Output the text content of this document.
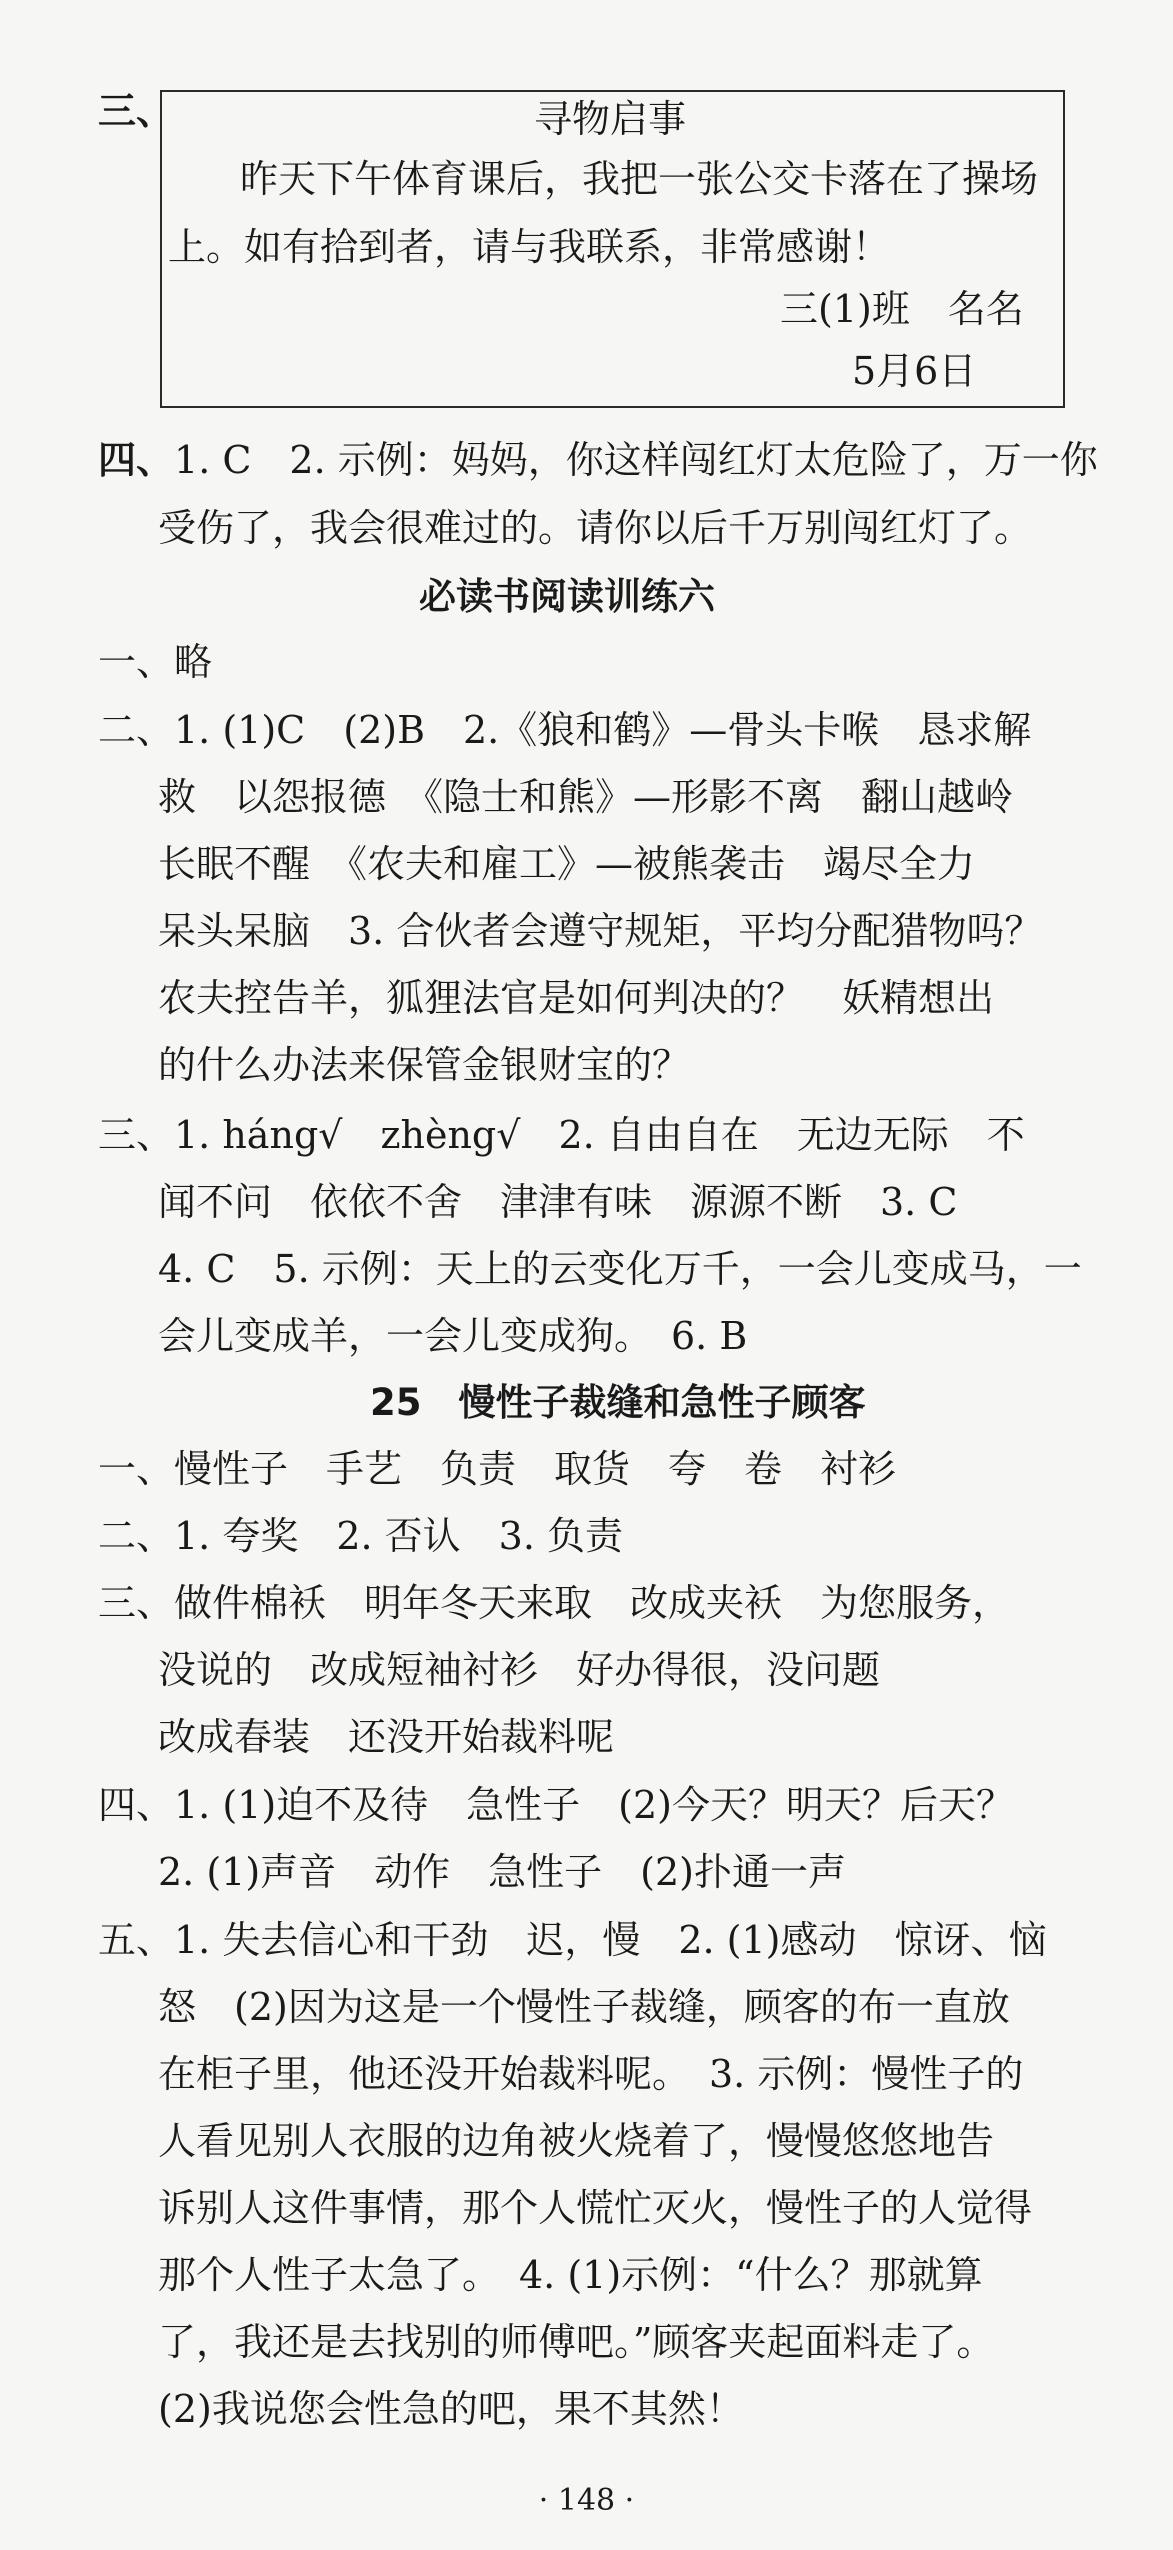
三、	寻物启事
昨天下午体育课后，我把一张公交卡落在了操场
上。如有拾到者，请与我联系，非常感谢！
三(1)班　名名
5月6日
四、1. C　2. 示例：妈妈，你这样闯红灯太危险了，万一你
受伤了，我会很难过的。请你以后千万别闯红灯了。
必读书阅读训练六
一、略
二、1. (1)C　(2)B　2.《狼和鹤》—骨头卡喉　恳求解
救　以怨报德　《隐士和熊》—形影不离　翻山越岭
长眠不醒　《农夫和雇工》—被熊袭击　竭尽全力
呆头呆脑　3. 合伙者会遵守规矩，平均分配猎物吗？
农夫控告羊，狐狸法官是如何判决的？　妖精想出
的什么办法来保管金银财宝的？
三、1. háng√　zhèng√　2. 自由自在　无边无际　不
闻不问　依依不舍　津津有味　源源不断　3. C
4. C　5. 示例：天上的云变化万千，一会儿变成马，一
会儿变成羊，一会儿变成狗。　6. B
25　慢性子裁缝和急性子顾客
一、慢性子　手艺　负责　取货　夸　卷　衬衫
二、1. 夸奖　2. 否认　3. 负责
三、做件棉袄　明年冬天来取　改成夹袄　为您服务，
没说的　改成短袖衬衫　好办得很，没问题
改成春装　还没开始裁料呢
四、1. (1)迫不及待　急性子　(2)今天？明天？后天？
2. (1)声音　动作　急性子　(2)扑通一声
五、1. 失去信心和干劲　迟，慢　2. (1)感动　惊讶、恼
怒　(2)因为这是一个慢性子裁缝，顾客的布一直放
在柜子里，他还没开始裁料呢。　3. 示例：慢性子的
人看见别人衣服的边角被火烧着了，慢慢悠悠地告
诉别人这件事情，那个人慌忙灭火，慢性子的人觉得
那个人性子太急了。　4. (1)示例：“什么？那就算
了，我还是去找别的师傅吧。”顾客夹起面料走了。
(2)我说您会性急的吧，果不其然！
· 148 ·
